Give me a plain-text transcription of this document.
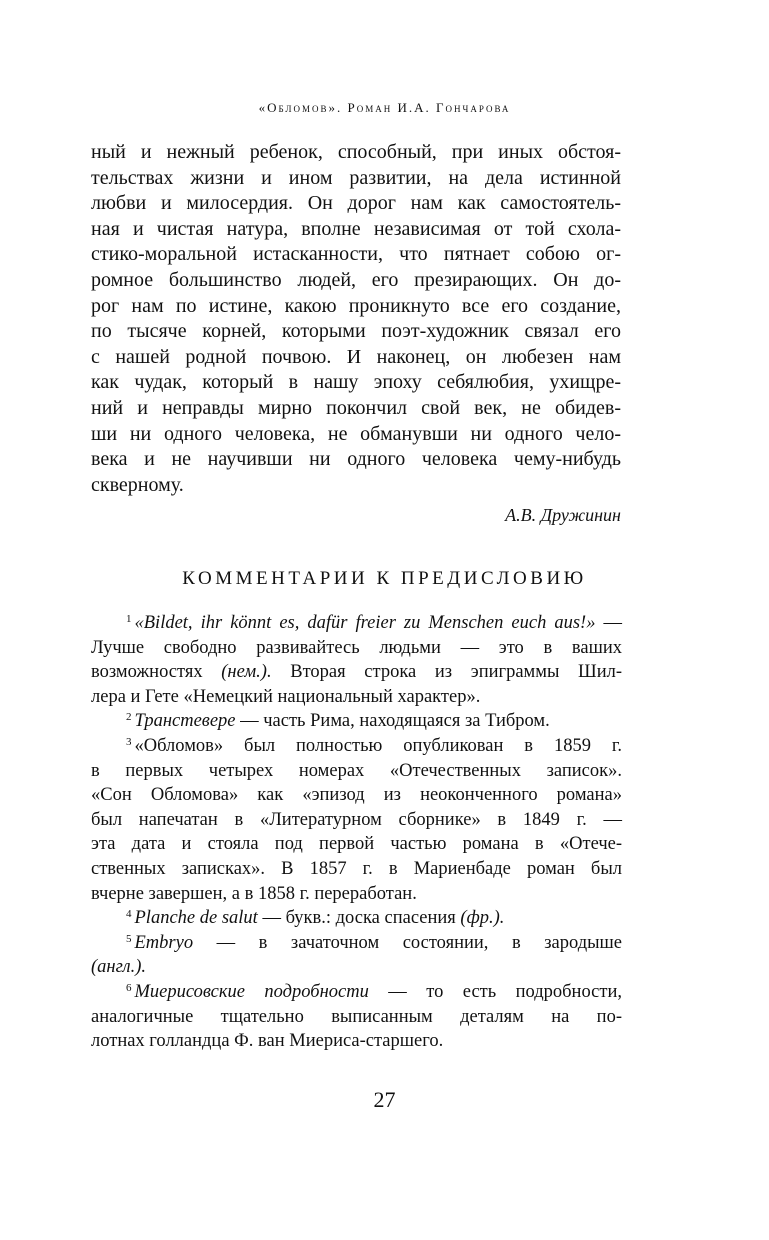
«Обломов». Роман И.А. Гончарова
ный и нежный ребенок, способный, при иных обстоя-
тельствах жизни и ином развитии, на дела истинной
любви и милосердия. Он дорог нам как самостоятель-
ная и чистая натура, вполне независимая от той схола-
стико-моральной истасканности, что пятнает собою ог-
ромное большинство людей, его презирающих. Он до-
рог нам по истине, какою проникнуто все его создание,
по тысяче корней, которыми поэт-художник связал его
с нашей родной почвою. И наконец, он любезен нам
как чудак, который в нашу эпоху себялюбия, ухищре-
ний и неправды мирно покончил свой век, не обидев-
ши ни одного человека, не обманувши ни одного чело-
века и не научивши ни одного человека чему-нибудь
скверному.
А.В. Дружинин
КОММЕНТАРИИ К ПРЕДИСЛОВИЮ
$^1$ «Bildet, ihr könnt es, dafür freier zu Menschen euch aus!» —
Лучше свободно развивайтесь людьми — это в ваших
возможностях (нем.). Вторая строка из эпиграммы Шил-
лера и Гете «Немецкий национальный характер».
$^2$ Транстевере — часть Рима, находящаяся за Тибром.
$^3$ «Обломов» был полностью опубликован в 1859 г.
в первых четырех номерах «Отечественных записок».
«Сон Обломова» как «эпизод из неоконченного романа»
был напечатан в «Литературном сборнике» в 1849 г. —
эта дата и стояла под первой частью романа в «Отече-
ственных записках». В 1857 г. в Мариенбаде роман был
вчерне завершен, а в 1858 г. переработан.
$^4$ Planche de salut — букв.: доска спасения (фр.).
$^5$ Embryo — в зачаточном состоянии, в зародыше
(англ.).
$^6$ Миерисовские подробности — то есть подробности,
аналогичные тщательно выписанным деталям на по-
лотнах голландца Ф. ван Миериса-старшего.
27
